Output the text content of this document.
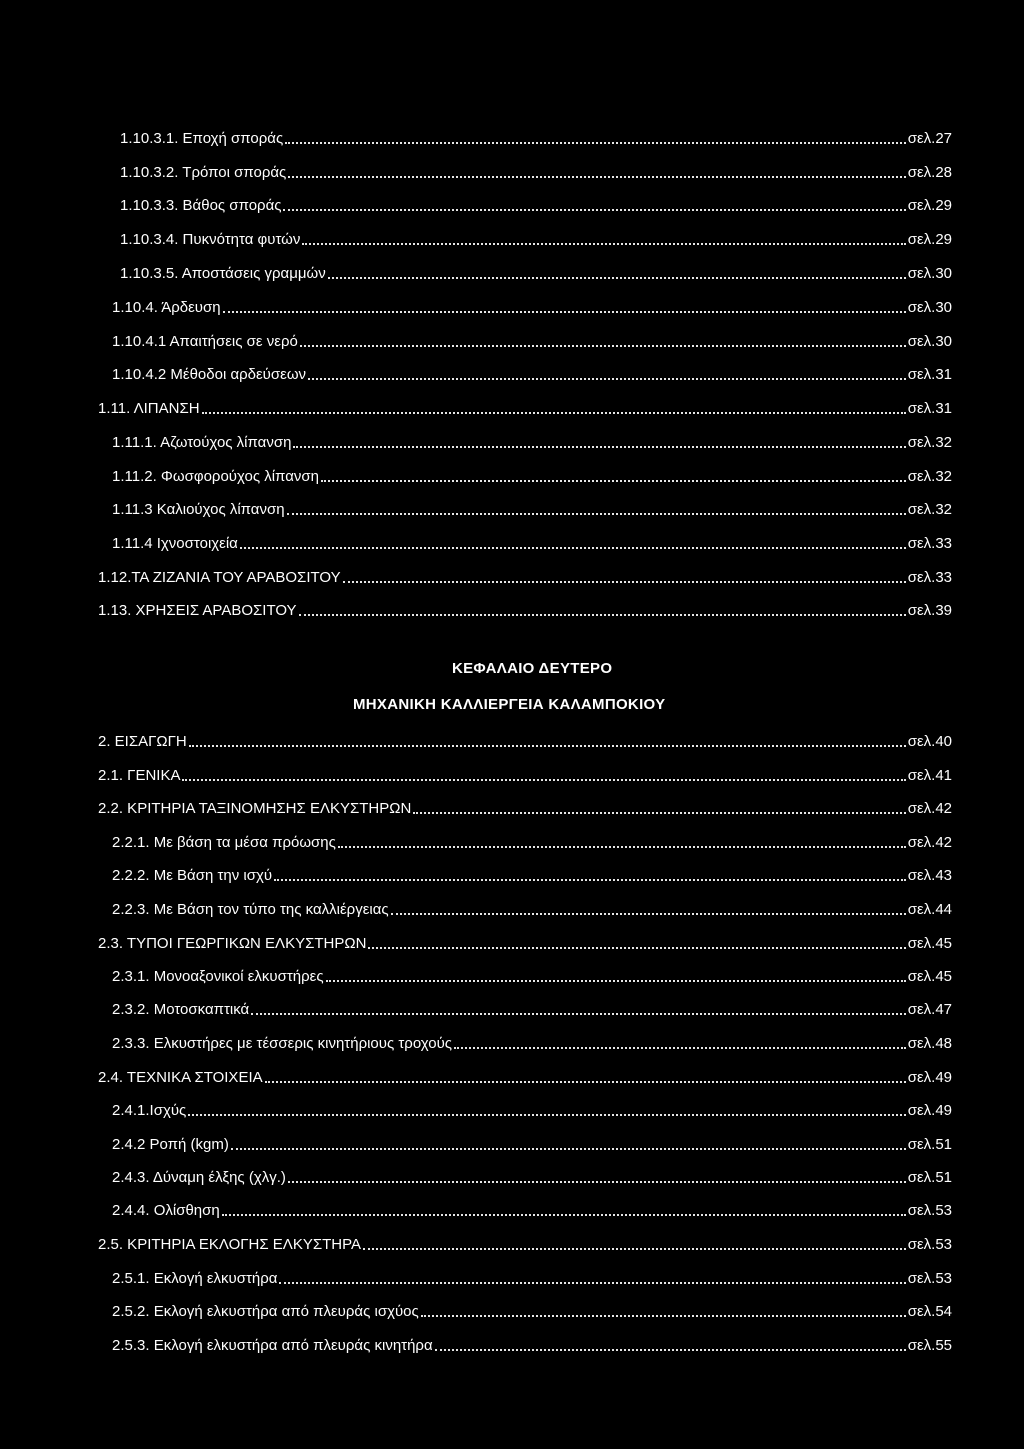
ΚΕΦΑΛΑΙΟ ΔΕΥΤΕΡΟ
ΜΗΧΑΝΙΚΗ ΚΑΛΛΙΕΡΓΕΙΑ ΚΑΛΑΜΠΟΚΙΟΥ
1.10.3.1. Εποχή σποράς	σελ.27
1.10.3.2. Τρόποι σποράς	σελ.28
1.10.3.3. Βάθος σποράς	σελ.29
1.10.3.4. Πυκνότητα φυτών	σελ.29
1.10.3.5. Αποστάσεις γραμμών	σελ.30
1.10.4. Άρδευση	σελ.30
1.10.4.1 Απαιτήσεις σε νερό	σελ.30
1.10.4.2 Μέθοδοι αρδεύσεων	σελ.31
1.11. ΛΙΠΑΝΣΗ	σελ.31
1.11.1. Αζωτούχος λίπανση	σελ.32
1.11.2. Φωσφορούχος λίπανση	σελ.32
1.11.3 Καλιούχος λίπανση	σελ.32
1.11.4 Ιχνοστοιχεία	σελ.33
1.12.ΤΑ ΖΙΖΑΝΙΑ ΤΟΥ ΑΡΑΒΟΣΙΤΟΥ	σελ.33
1.13. ΧΡΗΣΕΙΣ ΑΡΑΒΟΣΙΤΟΥ	σελ.39
2. ΕΙΣΑΓΩΓΗ	σελ.40
2.1. ΓΕΝΙΚΑ	σελ.41
2.2. ΚΡΙΤΗΡΙΑ ΤΑΞΙΝΟΜΗΣΗΣ ΕΛΚΥΣΤΗΡΩΝ	σελ.42
2.2.1. Με βάση τα μέσα πρόωσης	σελ.42
2.2.2. Με Βάση την ισχύ	σελ.43
2.2.3. Με Βάση τον τύπο της καλλιέργειας	σελ.44
2.3. ΤΥΠΟΙ ΓΕΩΡΓΙΚΩΝ ΕΛΚΥΣΤΗΡΩΝ	σελ.45
2.3.1. Μονοαξονικοί ελκυστήρες	σελ.45
2.3.2. Μοτοσκαπτικά	σελ.47
2.3.3. Ελκυστήρες με τέσσερις κινητήριους τροχούς	σελ.48
2.4. ΤΕΧΝΙΚΑ ΣΤΟΙΧΕΙΑ	σελ.49
2.4.1.Ισχύς	σελ.49
2.4.2 Ροπή (kgm)	σελ.51
2.4.3. Δύναμη έλξης (χλγ.)	σελ.51
2.4.4. Ολίσθηση	σελ.53
2.5. ΚΡΙΤΗΡΙΑ ΕΚΛΟΓΗΣ ΕΛΚΥΣΤΗΡΑ	σελ.53
2.5.1. Εκλογή ελκυστήρα	σελ.53
2.5.2. Εκλογή ελκυστήρα από πλευράς ισχύος	σελ.54
2.5.3. Εκλογή ελκυστήρα από πλευράς κινητήρα	σελ.55
